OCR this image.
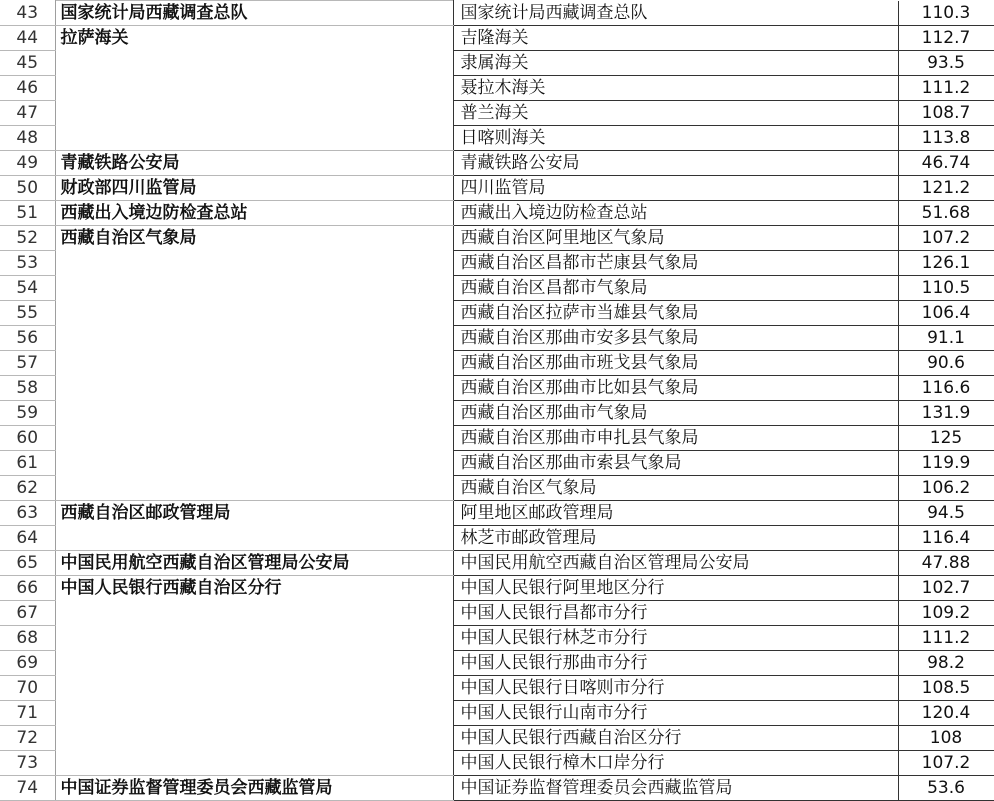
43	国家统计局西藏调查总队	国家统计局西藏调查总队	110.3
44	拉萨海关	吉隆海关	112.7
45		隶属海关	93.5
46		聂拉木海关	111.2
47		普兰海关	108.7
48		日喀则海关	113.8
49	青藏铁路公安局	青藏铁路公安局	46.74
50	财政部四川监管局	四川监管局	121.2
51	西藏出入境边防检查总站	西藏出入境边防检查总站	51.68
52	西藏自治区气象局	西藏自治区阿里地区气象局	107.2
53		西藏自治区昌都市芒康县气象局	126.1
54		西藏自治区昌都市气象局	110.5
55		西藏自治区拉萨市当雄县气象局	106.4
56		西藏自治区那曲市安多县气象局	91.1
57		西藏自治区那曲市班戈县气象局	90.6
58		西藏自治区那曲市比如县气象局	116.6
59		西藏自治区那曲市气象局	131.9
60		西藏自治区那曲市申扎县气象局	125
61		西藏自治区那曲市索县气象局	119.9
62		西藏自治区气象局	106.2
63	西藏自治区邮政管理局	阿里地区邮政管理局	94.5
64		林芝市邮政管理局	116.4
65	中国民用航空西藏自治区管理局公安局	中国民用航空西藏自治区管理局公安局	47.88
66	中国人民银行西藏自治区分行	中国人民银行阿里地区分行	102.7
67		中国人民银行昌都市分行	109.2
68		中国人民银行林芝市分行	111.2
69		中国人民银行那曲市分行	98.2
70		中国人民银行日喀则市分行	108.5
71		中国人民银行山南市分行	120.4
72		中国人民银行西藏自治区分行	108
73		中国人民银行樟木口岸分行	107.2
74	中国证券监督管理委员会西藏监管局	中国证券监督管理委员会西藏监管局	53.6
